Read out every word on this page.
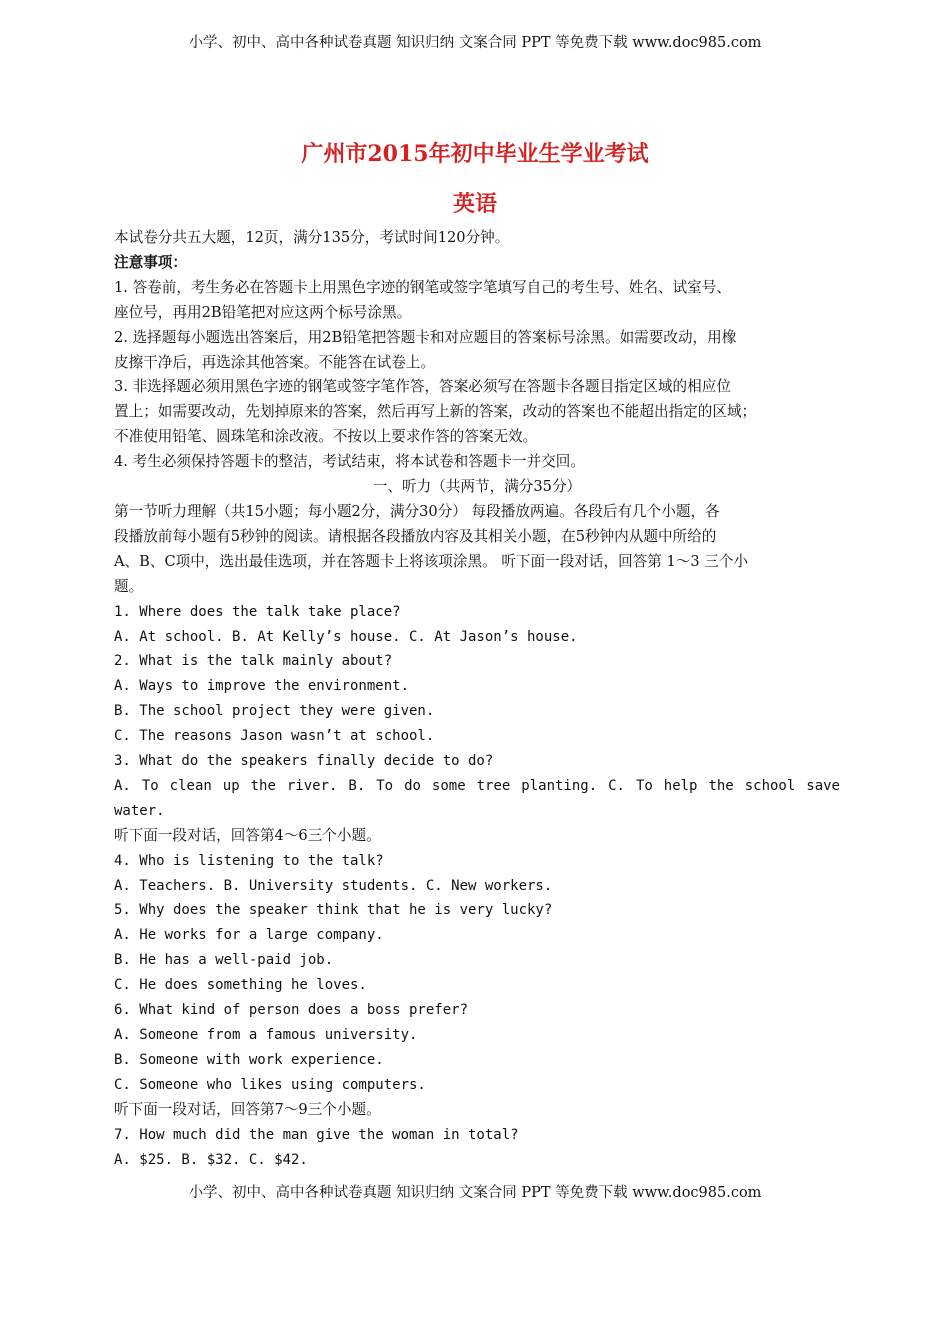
小学、初中、高中各种试卷真题 知识归纳 文案合同 PPT 等免费下载 www.doc985.com
广州市2015年初中毕业生学业考试
英语
本试卷分共五大题，12页，满分135分，考试时间120分钟。
注意事项：
1. 答卷前，考生务必在答题卡上用黑色字迹的钢笔或签字笔填写自己的考生号、姓名、试室号、
座位号，再用2B铅笔把对应这两个标号涂黑。
2. 选择题每小题选出答案后，用2B铅笔把答题卡和对应题目的答案标号涂黑。如需要改动，用橡
皮擦干净后，再选涂其他答案。不能答在试卷上。
3. 非选择题必须用黑色字迹的钢笔或签字笔作答，答案必须写在答题卡各题目指定区域的相应位
置上；如需要改动，先划掉原来的答案，然后再写上新的答案，改动的答案也不能超出指定的区域；
不准使用铅笔、圆珠笔和涂改液。不按以上要求作答的答案无效。
4. 考生必须保持答题卡的整洁，考试结束，将本试卷和答题卡一并交回。
一、听力（共两节，满分35分）
第一节听力理解（共15小题；每小题2分，满分30分） 每段播放两遍。各段后有几个小题，各
段播放前每小题有5秒钟的阅读。请根据各段播放内容及其相关小题，在5秒钟内从题中所给的
A、B、C项中，选出最佳选项，并在答题卡上将该项涂黑。 听下面一段对话，回答第 1～3 三个小
题。
1. Where does the talk take place?
A. At school. B. At Kelly’s house. C. At Jason’s house.
2. What is the talk mainly about?
A. Ways to improve the environment.
B. The school project they were given.
C. The reasons Jason wasn’t at school.
3. What do the speakers finally decide to do?
A. To clean up the river. B. To do some tree planting. C. To help the school save
water.
听下面一段对话，回答第4～6三个小题。
4. Who is listening to the talk?
A. Teachers. B. University students. C. New workers.
5. Why does the speaker think that he is very lucky?
A. He works for a large company.
B. He has a well-paid job.
C. He does something he loves.
6. What kind of person does a boss prefer?
A. Someone from a famous university.
B. Someone with work experience.
C. Someone who likes using computers.
听下面一段对话，回答第7～9三个小题。
7. How much did the man give the woman in total?
A. $25. B. $32. C. $42.
小学、初中、高中各种试卷真题 知识归纳 文案合同 PPT 等免费下载 www.doc985.com
